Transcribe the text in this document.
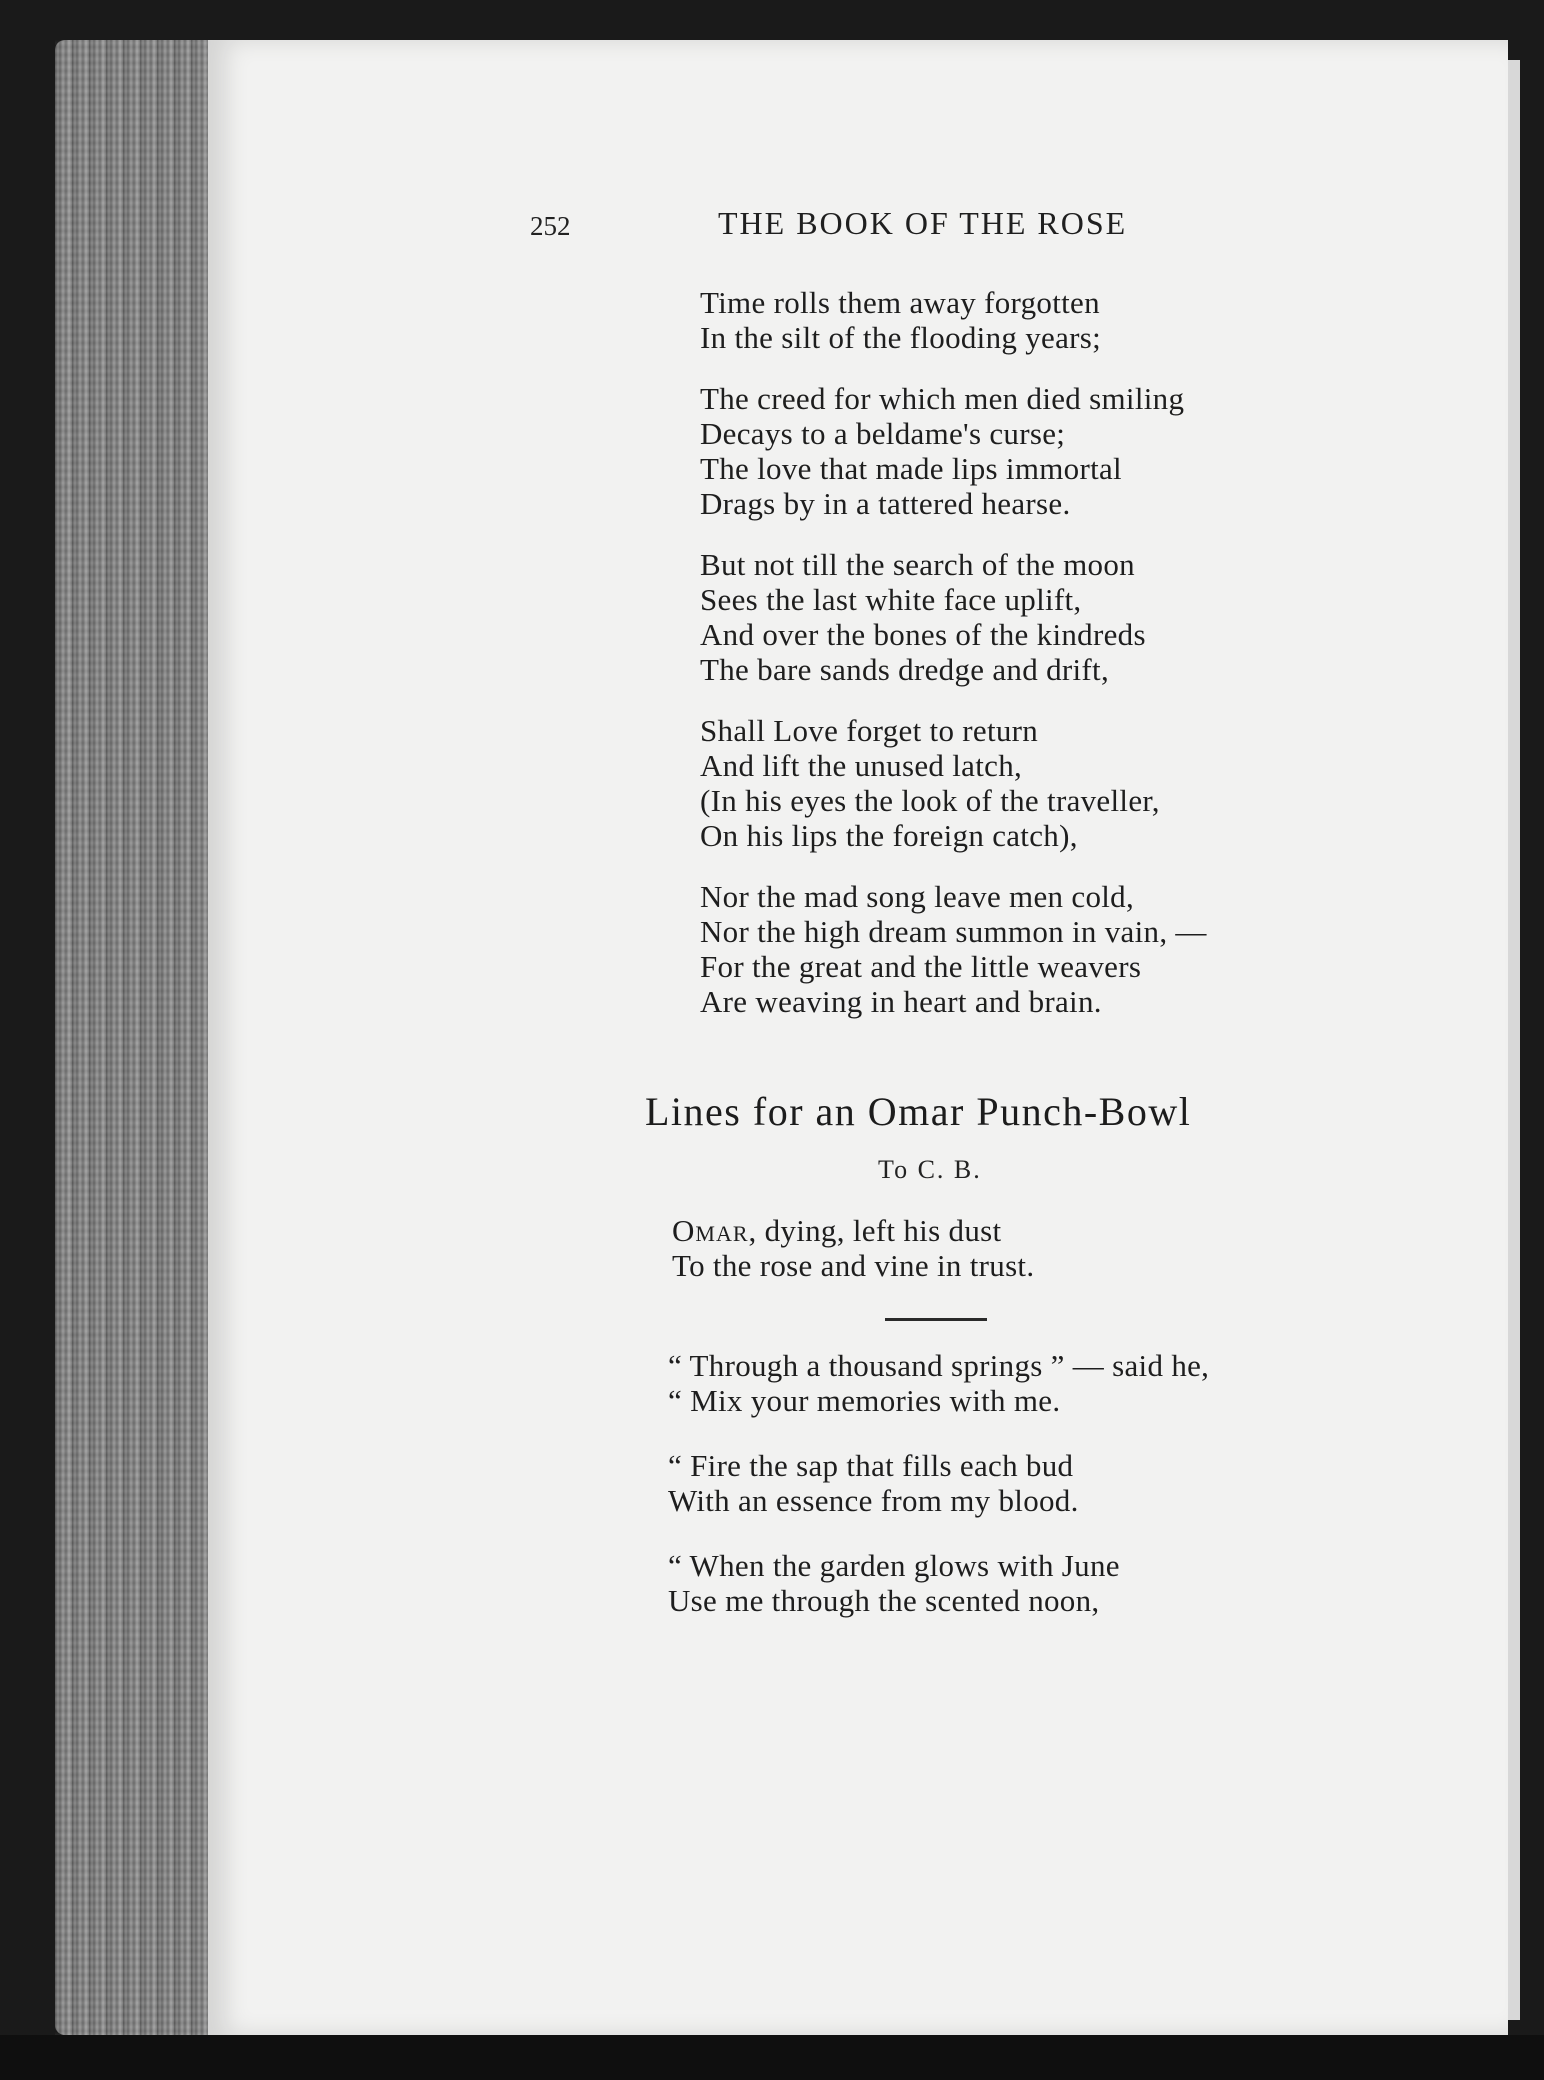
252	THE BOOK OF THE ROSE
Time rolls them away forgotten
In the silt of the flooding years;
The creed for which men died smiling
Decays to a beldame's curse;
The love that made lips immortal
Drags by in a tattered hearse.
But not till the search of the moon
Sees the last white face uplift,
And over the bones of the kindreds
The bare sands dredge and drift,
Shall Love forget to return
And lift the unused latch,
(In his eyes the look of the traveller,
On his lips the foreign catch),
Nor the mad song leave men cold,
Nor the high dream summon in vain, —
For the great and the little weavers
Are weaving in heart and brain.
Lines for an Omar Punch-Bowl
To C. B.
Omar, dying, left his dust
To the rose and vine in trust.
“ Through a thousand springs ” — said he,
“ Mix your memories with me.
“ Fire the sap that fills each bud
With an essence from my blood.
“ When the garden glows with June
Use me through the scented noon,
